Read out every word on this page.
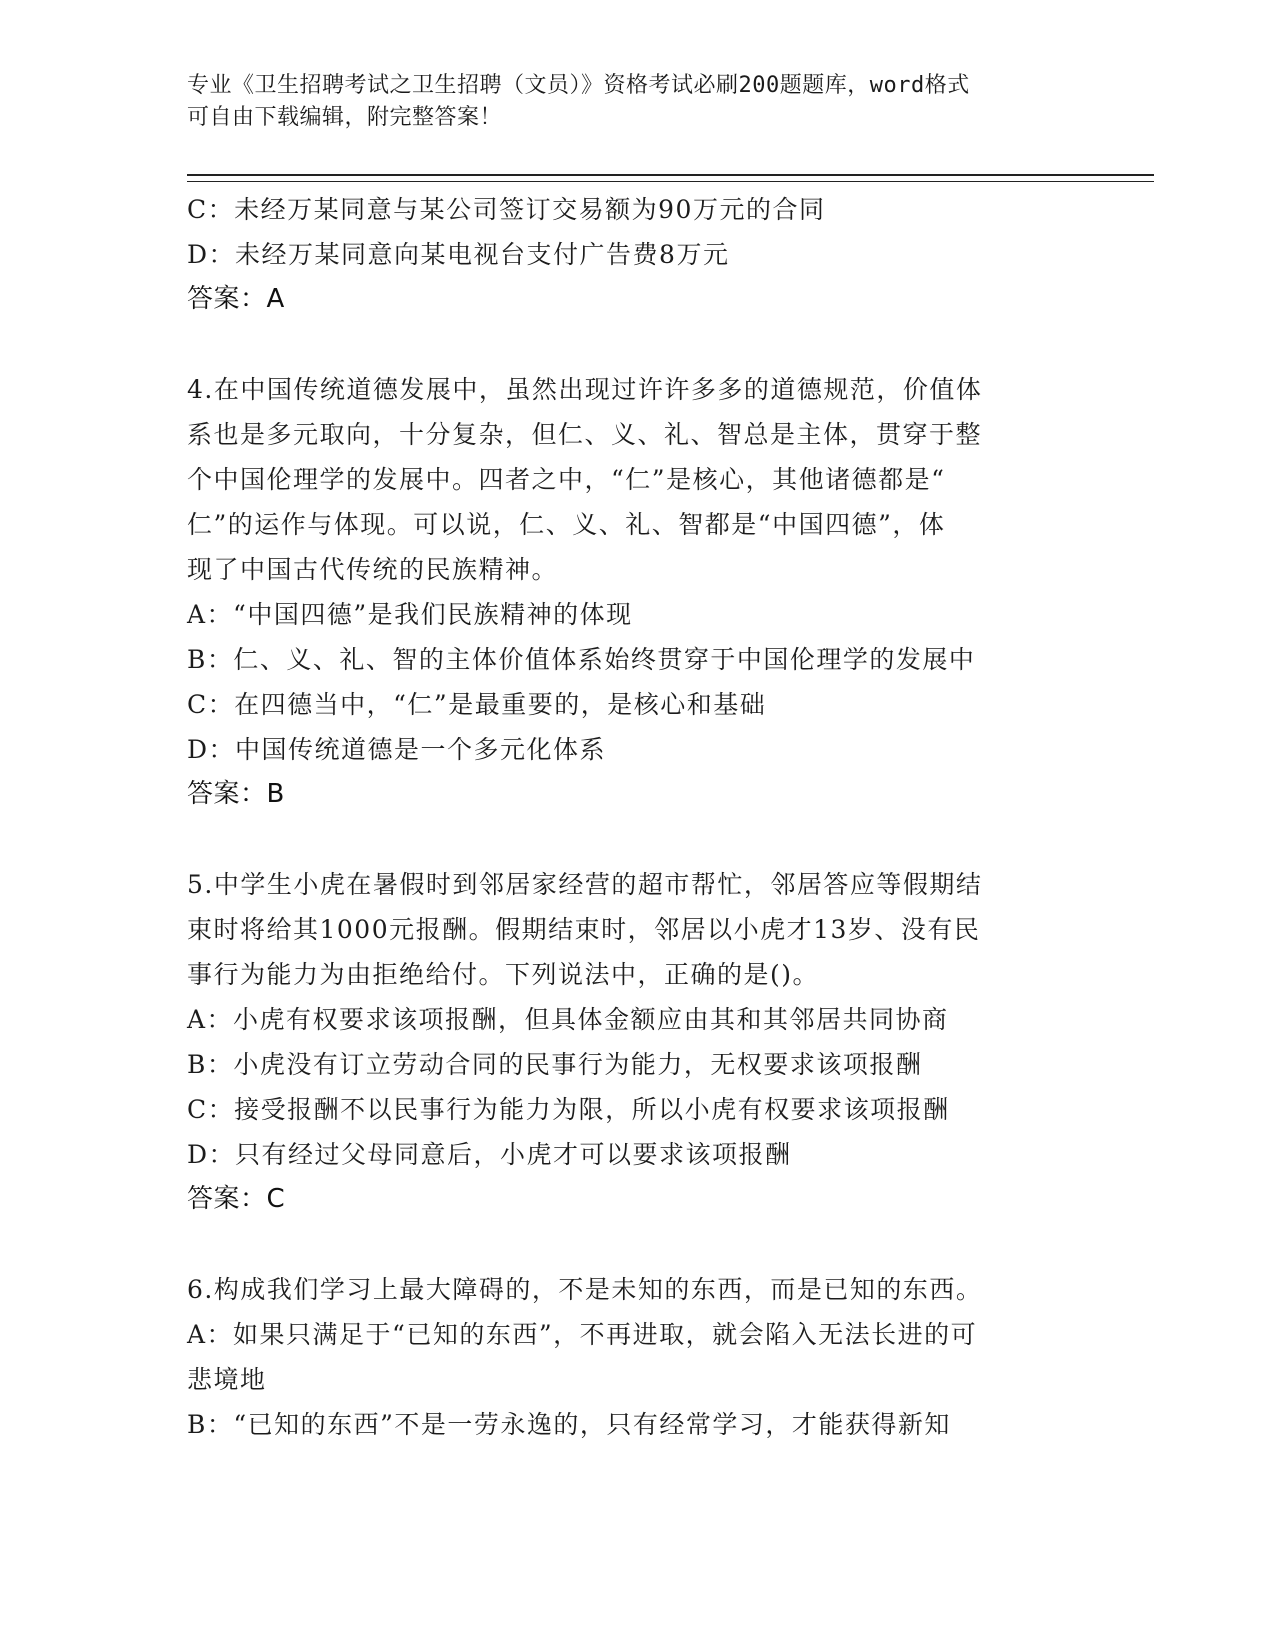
专业《卫生招聘考试之卫生招聘（文员）》资格考试必刷200题题库，word格式
可自由下载编辑，附完整答案！
C：未经万某同意与某公司签订交易额为90万元的合同
D：未经万某同意向某电视台支付广告费8万元
答案：A
4.在中国传统道德发展中，虽然出现过许许多多的道德规范，价值体
系也是多元取向，十分复杂，但仁、义、礼、智总是主体，贯穿于整
个中国伦理学的发展中。四者之中，“仁”是核心，其他诸德都是“
仁”的运作与体现。可以说，仁、义、礼、智都是“中国四德”，体
现了中国古代传统的民族精神。
A：“中国四德”是我们民族精神的体现
B：仁、义、礼、智的主体价值体系始终贯穿于中国伦理学的发展中
C：在四德当中，“仁”是最重要的，是核心和基础
D：中国传统道德是一个多元化体系
答案：B
5.中学生小虎在暑假时到邻居家经营的超市帮忙，邻居答应等假期结
束时将给其1000元报酬。假期结束时，邻居以小虎才13岁、没有民
事行为能力为由拒绝给付。下列说法中，正确的是()。
A：小虎有权要求该项报酬，但具体金额应由其和其邻居共同协商
B：小虎没有订立劳动合同的民事行为能力，无权要求该项报酬
C：接受报酬不以民事行为能力为限，所以小虎有权要求该项报酬
D：只有经过父母同意后，小虎才可以要求该项报酬
答案：C
6.构成我们学习上最大障碍的，不是未知的东西，而是已知的东西。
A：如果只满足于“已知的东西”，不再进取，就会陷入无法长进的可
悲境地
B：“已知的东西”不是一劳永逸的，只有经常学习，才能获得新知
